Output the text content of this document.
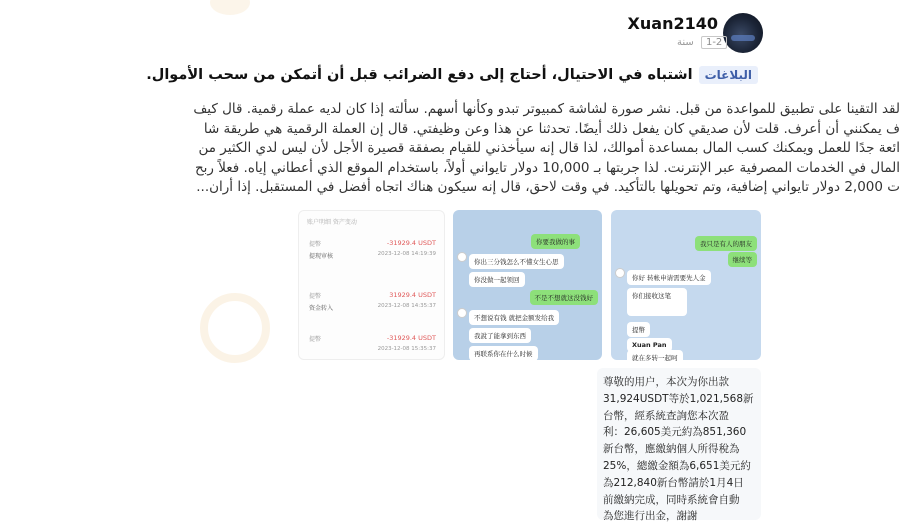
Xuan2140
1-2 سنة
البلاغات
اشتباه في الاحتيال، أحتاج إلى دفع الضرائب قبل أن أتمكن من سحب الأموال.

لقد التقينا على تطبيق للمواعدة من قبل. نشر صورة لشاشة كمبيوتر تبدو وكأنها أسهم. سألته إذا كان لديه عملة رقمية. قال كيف

ف يمكنني أن أعرف. قلت لأن صديقي كان يفعل ذلك أيضًا. تحدثنا عن هذا وعن وظيفتي. قال إن العملة الرقمية هي طريقة شا

ائعة جدًا للعمل ويمكنك كسب المال بمساعدة أموالك، لذا قال إنه سيأخذني للقيام بصفقة قصيرة الأجل لأن ليس لدي الكثير من

المال في الخدمات المصرفية عبر الإنترنت. لذا جربتها بـ 10,000 دولار تايواني أولاً، باستخدام الموقع الذي أعطاني إياه. فعلاً ربح

ت 2,000 دولار تايواني إضافية، وتم تحويلها بالتأكيد. في وقت لاحق، قال إنه سيكون هناك اتجاه أفضل في المستقبل. إذا أران...

账户明细 资产变动
提幣	-31929.4 USDT
2023-12-08 14:19:39
提现审核
提幣	31929.4 USDT
2023-12-08 14:35:37
资金转入
提幣	-31929.4 USDT
2023-12-08 15:35:37
你要我做的事
你出三分钱怎么不懂女生心思
你没做一起领回
不是不想就这没钱好
不想说有钱 就把金额发给我
我說了能拿到东西
再联系你在什么时候
我只是有人的朋友
继续等
你好 转帐申请需要先人金
你们接收这笔
提幣
Xuan Pan
就在多转一起呵
尊敬的用户，本次为你出款
31,924USDT等於1,021,568新
台幣，經系統查詢您本次盈
利：26,605美元約為851,360
新台幣，應繳納個人所得稅為
25%，總繳金額為6,651美元約
為212,840新台幣請於1月4日
前繳納完成，同時系統會自動
為您進行出金，謝謝
